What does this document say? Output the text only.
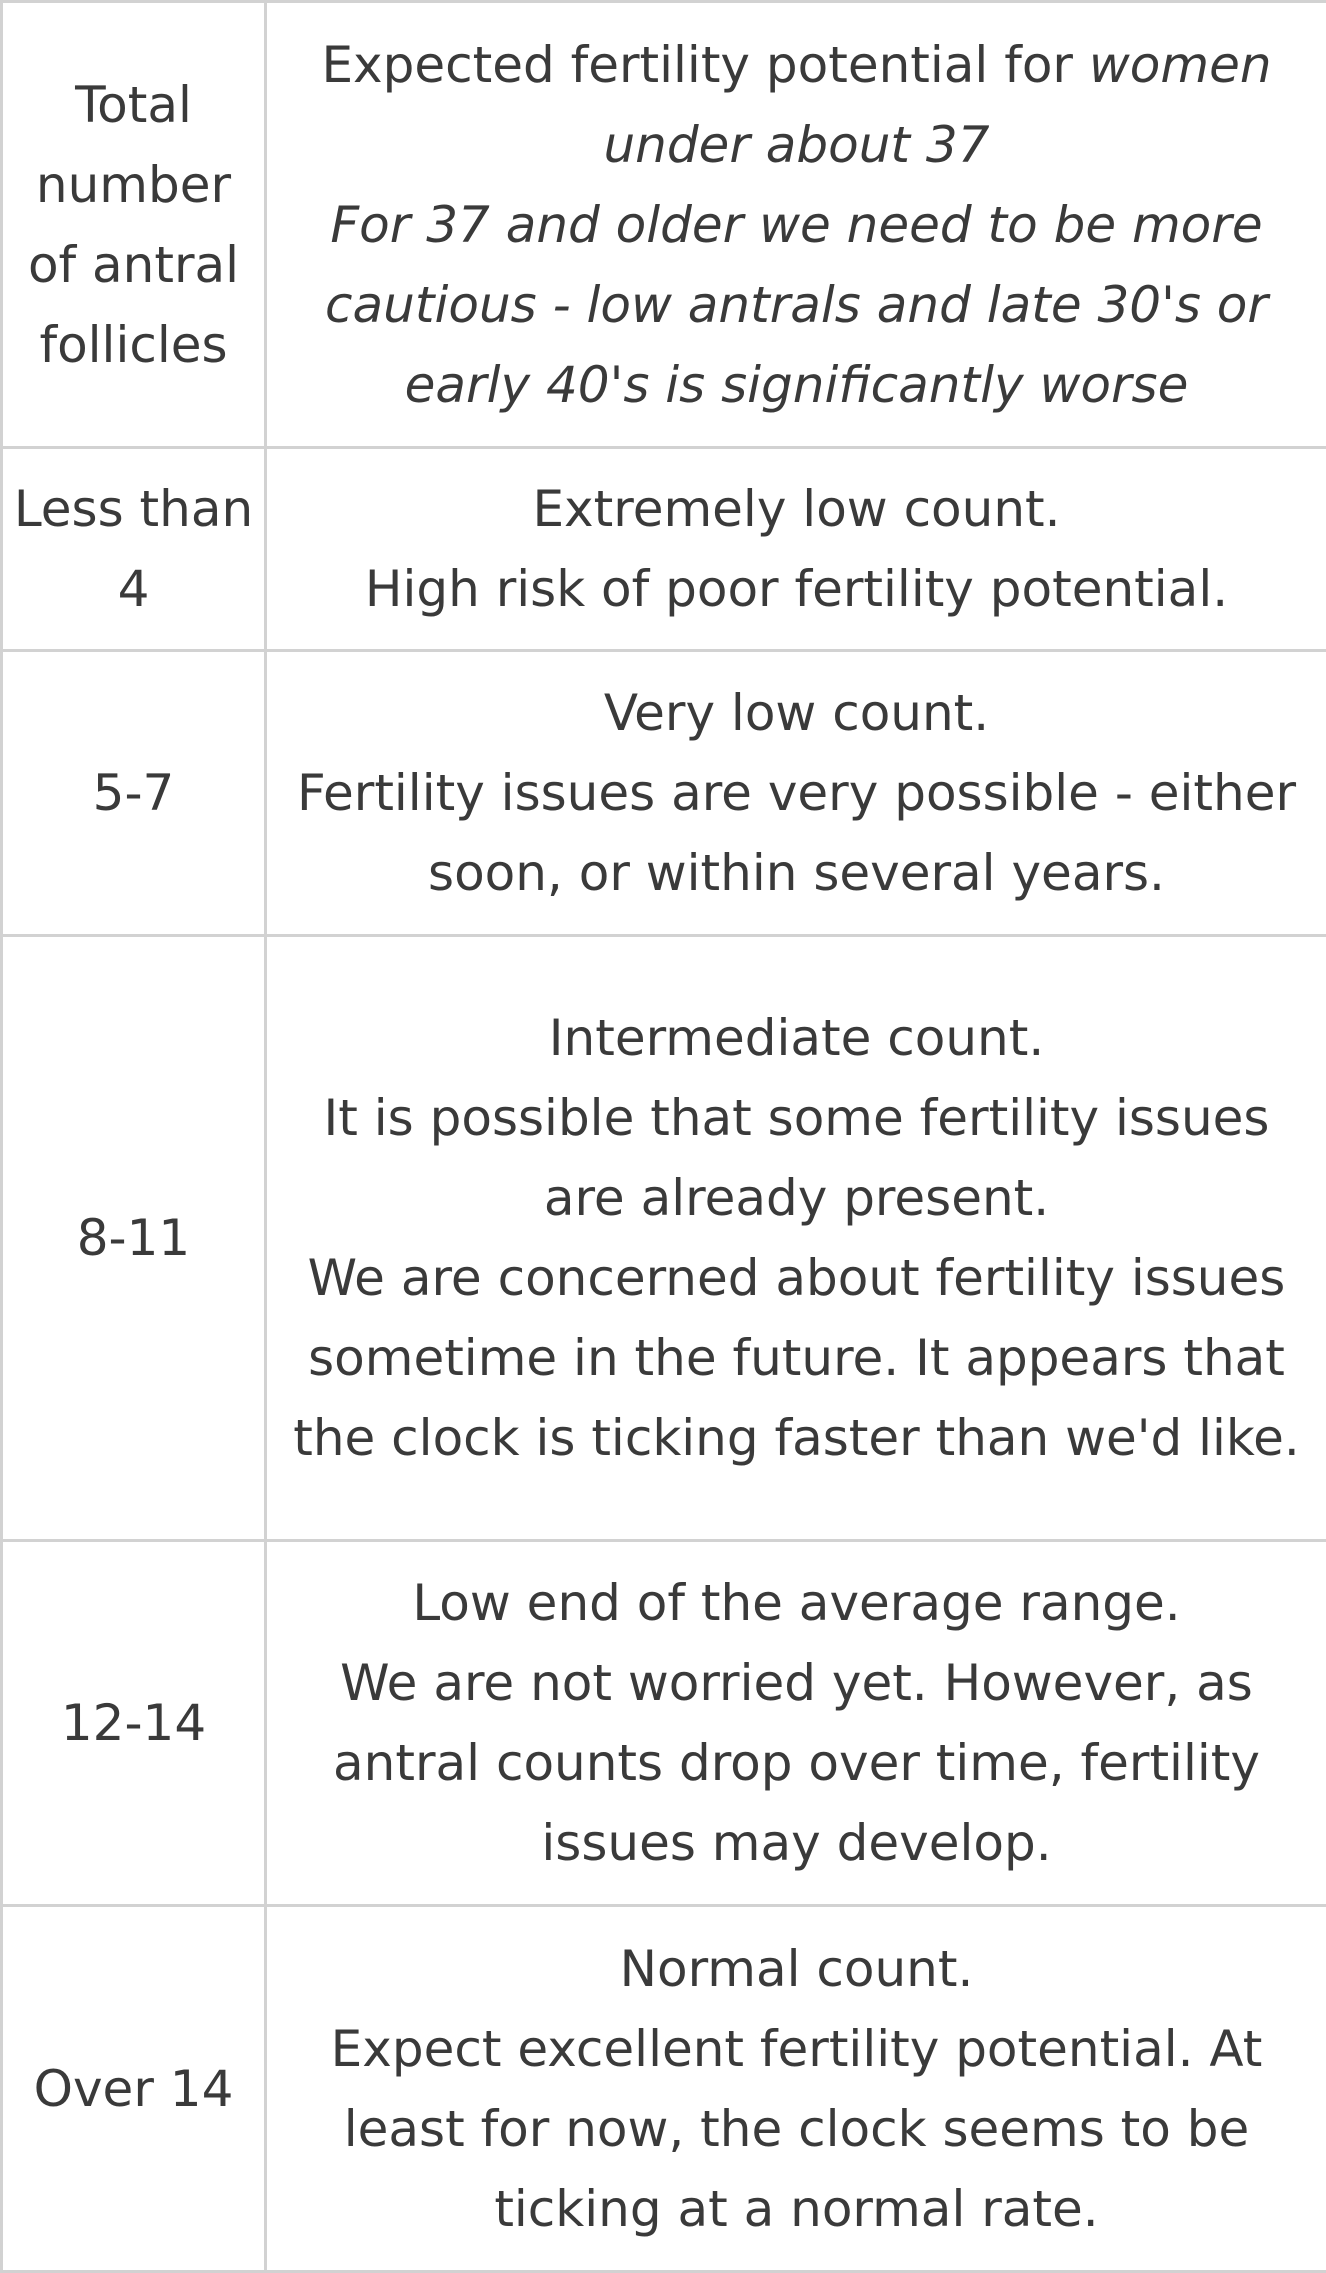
Total number of antral follicles	Expected fertility potential for women under about 37
For 37 and older we need to be more cautious - low antrals and late 30's or early 40's is significantly worse

Less than 4	Extremely low count.
High risk of poor fertility potential.

5-7	Very low count.
Fertility issues are very possible - either soon, or within several years.

8-11	Intermediate count.
It is possible that some fertility issues are already present.
We are concerned about fertility issues sometime in the future. It appears that the clock is ticking faster than we'd like.

12-14	Low end of the average range.
We are not worried yet. However, as antral counts drop over time, fertility issues may develop.

Over 14	Normal count.
Expect excellent fertility potential. At least for now, the clock seems to be ticking at a normal rate.
